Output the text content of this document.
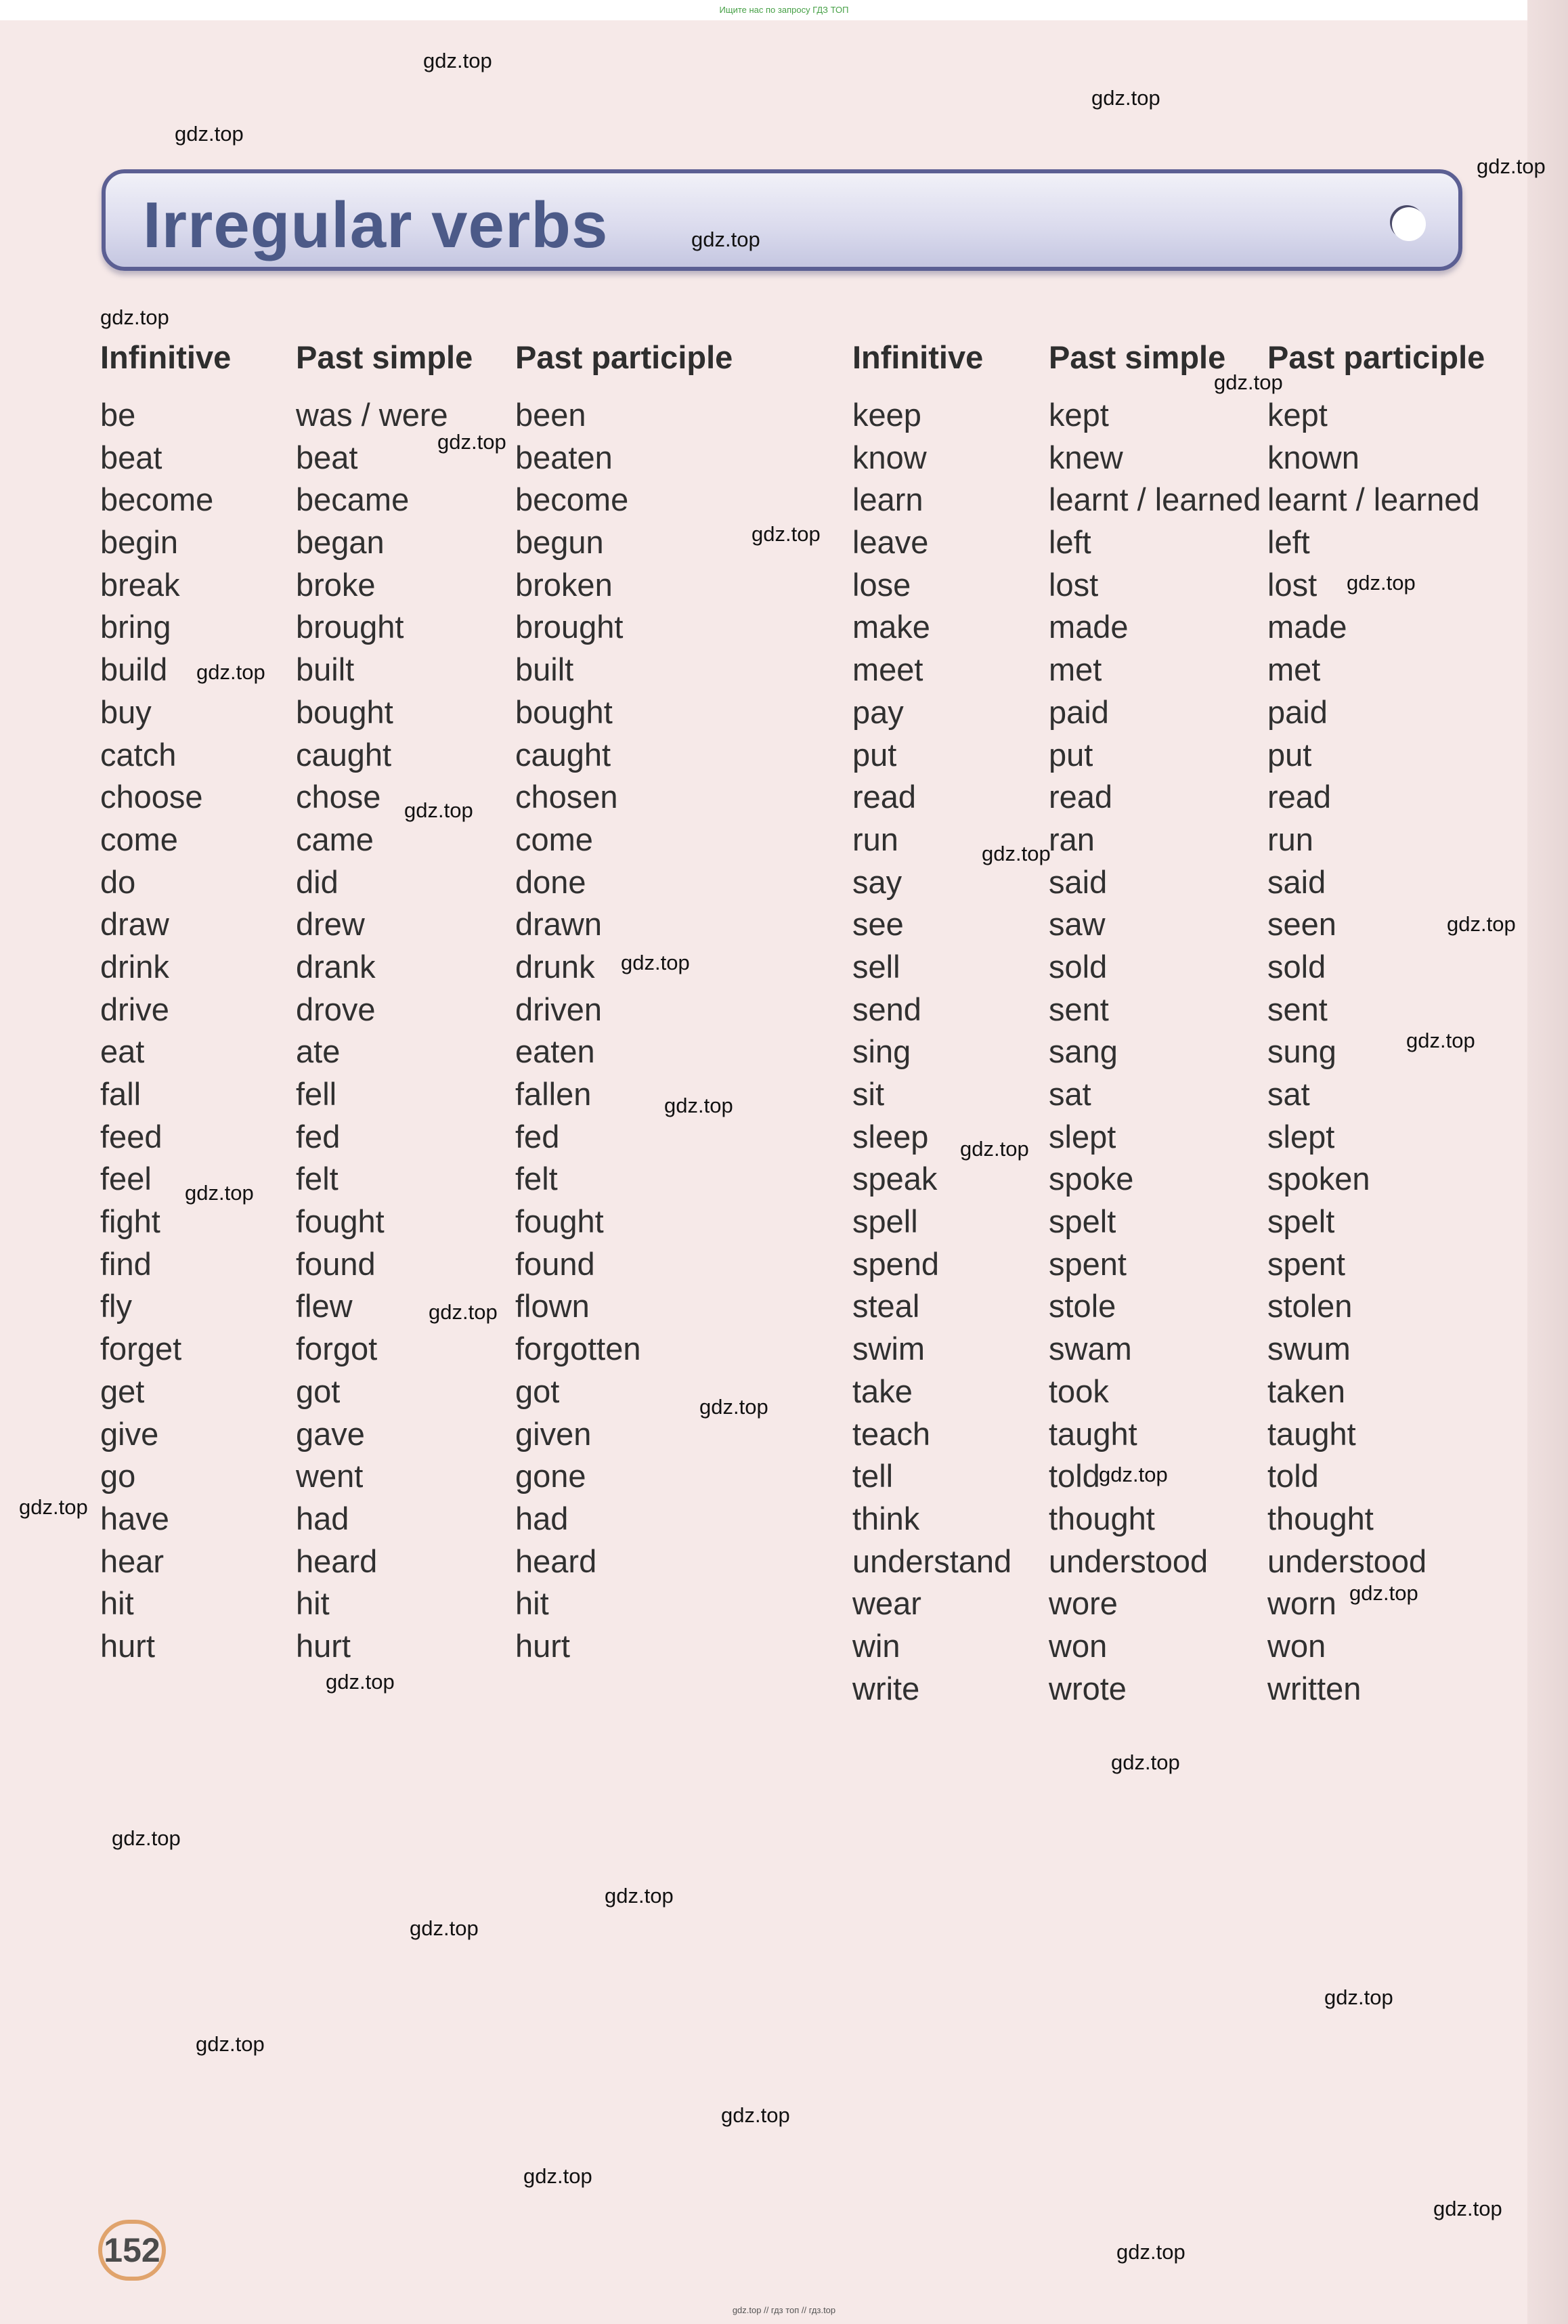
Ищите нас по запросу ГДЗ ТОП
Irregular verbs
Infinitive Past simple Past participle	Infinitive Past simple Past participle
be
beat
become
begin
break
bring
build
buy
catch
choose
come
do
draw
drink
drive
eat
fall
feed
feel
fight
find
fly
forget
get
give
go
have
hear
hit
hurt
was / were
beat
became
began
broke
brought
built
bought
caught
chose
came
did
drew
drank
drove
ate
fell
fed
felt
fought
found
flew
forgot
got
gave
went
had
heard
hit
hurt
been
beaten
become
begun
broken
brought
built
bought
caught
chosen
come
done
drawn
drunk
driven
eaten
fallen
fed
felt
fought
found
flown
forgotten
got
given
gone
had
heard
hit
hurt
keep
know
learn
leave
lose
make
meet
pay
put
read
run
say
see
sell
send
sing
sit
sleep
speak
spell
spend
steal
swim
take
teach
tell
think
understand
wear
win
write
kept
knew
learnt / learned
left
lost
made
met
paid
put
read
ran
said
saw
sold
sent
sang
sat
slept
spoke
spelt
spent
stole
swam
took
taught
told
thought
understood
wore
won
wrote
kept
known
learnt / learned
left
lost
made
met
paid
put
read
run
said
seen
sold
sent
sung
sat
slept
spoken
spelt
spent
stolen
swum
taken
taught
told
thought
understood
worn
won
written
gdz.top
gdz.top
gdz.top
gdz.top
gdz.top
gdz.top
gdz.top
gdz.top
gdz.top
gdz.top
gdz.top
gdz.top
gdz.top
gdz.top
gdz.top
gdz.top
gdz.top
gdz.top
gdz.top
gdz.top
gdz.top
gdz.top
gdz.top
gdz.top
gdz.top
gdz.top
gdz.top
gdz.top
gdz.top
gdz.top
gdz.top
gdz.top
gdz.top
gdz.top
gdz.top
152
gdz.top // гдз топ // гдз.top
